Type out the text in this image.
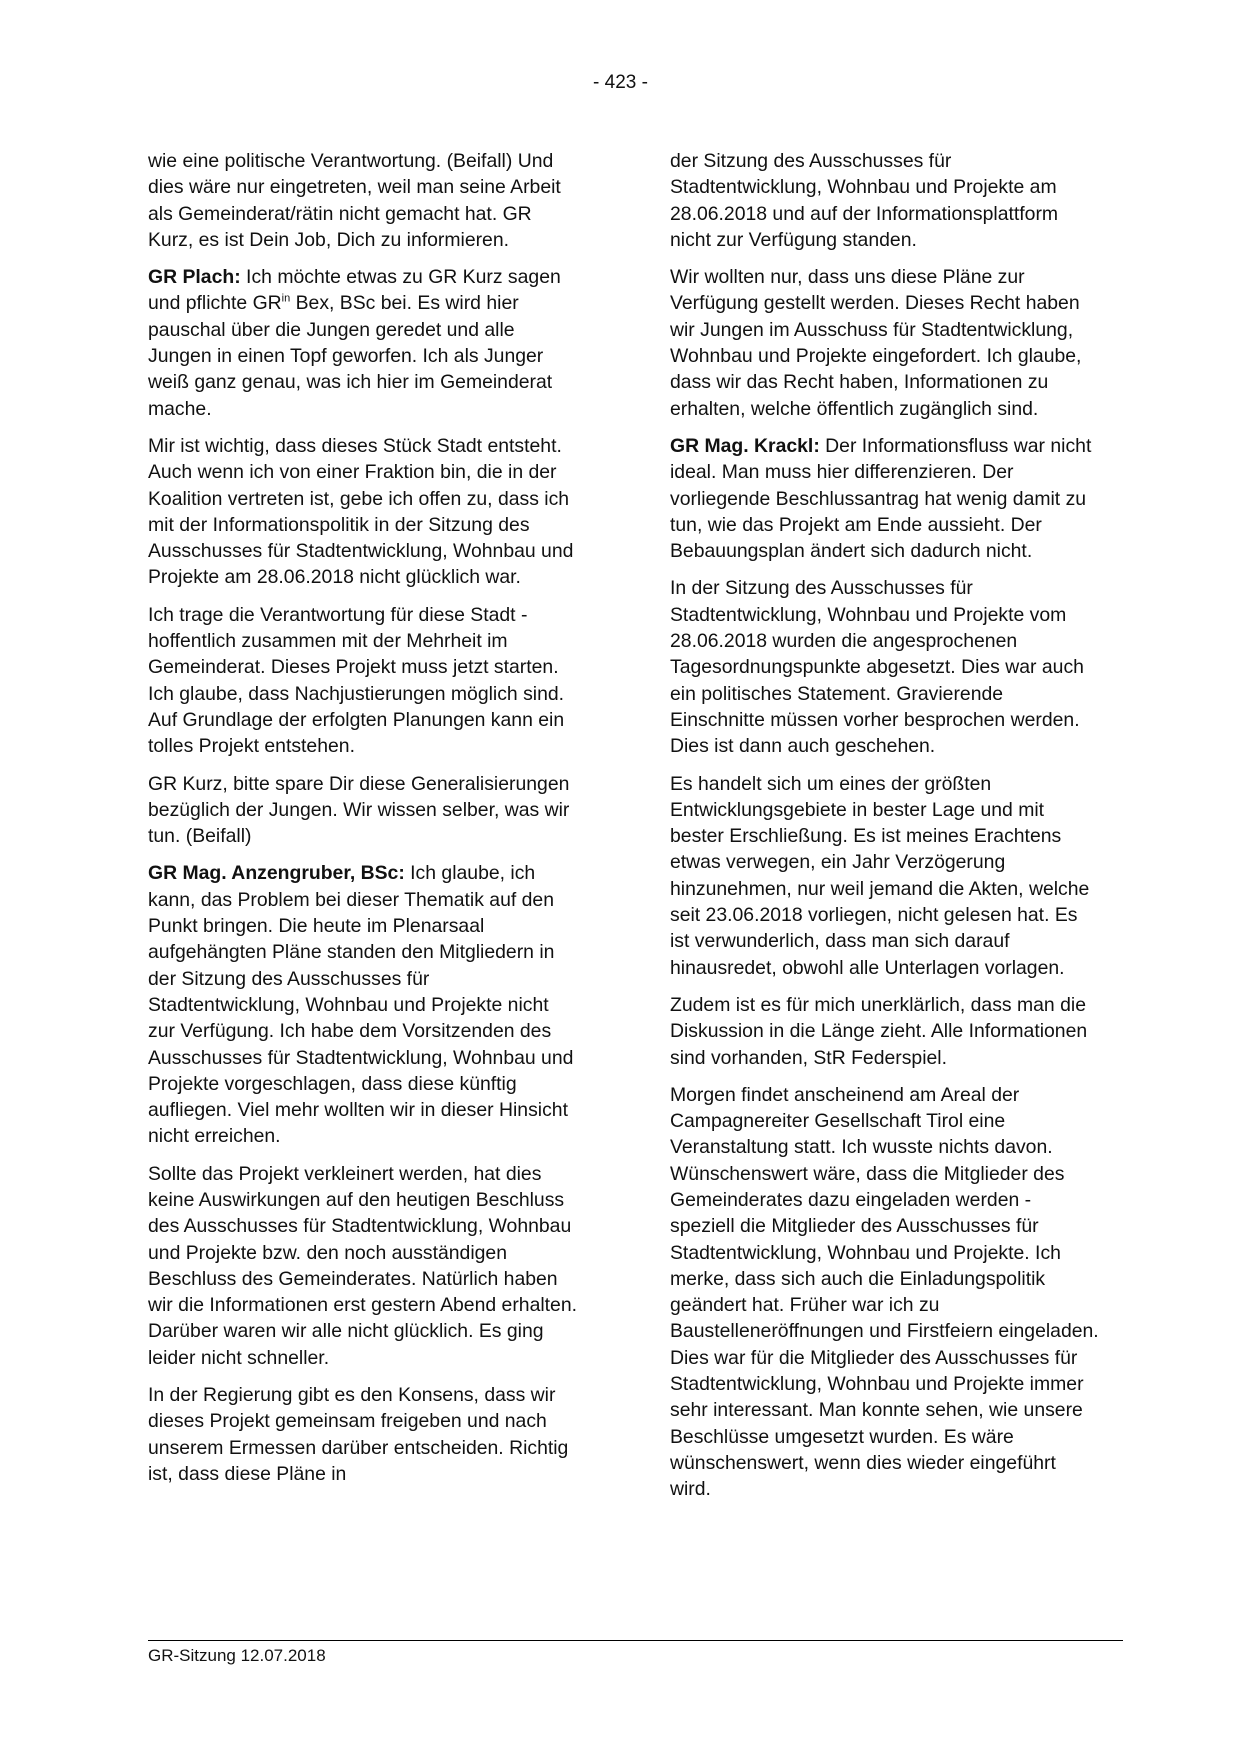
- 423 -

wie eine politische Verantwortung. (Beifall) Und dies wäre nur eingetreten, weil man seine Arbeit als Gemeinderat/rätin nicht gemacht hat. GR Kurz, es ist Dein Job, Dich zu informieren.

GR Plach: Ich möchte etwas zu GR Kurz sagen und pflichte $GR^{in}$ Bex, BSc bei. Es wird hier pauschal über die Jungen geredet und alle Jungen in einen Topf geworfen. Ich als Junger weiß ganz genau, was ich hier im Gemeinderat mache.

Mir ist wichtig, dass dieses Stück Stadt entsteht. Auch wenn ich von einer Fraktion bin, die in der Koalition vertreten ist, gebe ich offen zu, dass ich mit der Informationspolitik in der Sitzung des Ausschusses für Stadtentwicklung, Wohnbau und Projekte am 28.06.2018 nicht glücklich war.

Ich trage die Verantwortung für diese Stadt - hoffentlich zusammen mit der Mehrheit im Gemeinderat. Dieses Projekt muss jetzt starten. Ich glaube, dass Nachjustierungen möglich sind. Auf Grundlage der erfolgten Planungen kann ein tolles Projekt entstehen.

GR Kurz, bitte spare Dir diese Generalisierungen bezüglich der Jungen. Wir wissen selber, was wir tun. (Beifall)

GR Mag. Anzengruber, BSc: Ich glaube, ich kann, das Problem bei dieser Thematik auf den Punkt bringen. Die heute im Plenarsaal aufgehängten Pläne standen den Mitgliedern in der Sitzung des Ausschusses für Stadtentwicklung, Wohnbau und Projekte nicht zur Verfügung. Ich habe dem Vorsitzenden des Ausschusses für Stadtentwicklung, Wohnbau und Projekte vorgeschlagen, dass diese künftig aufliegen. Viel mehr wollten wir in dieser Hinsicht nicht erreichen.

Sollte das Projekt verkleinert werden, hat dies keine Auswirkungen auf den heutigen Beschluss des Ausschusses für Stadtentwicklung, Wohnbau und Projekte bzw. den noch ausständigen Beschluss des Gemeinderates. Natürlich haben wir die Informationen erst gestern Abend erhalten. Darüber waren wir alle nicht glücklich. Es ging leider nicht schneller.

In der Regierung gibt es den Konsens, dass wir dieses Projekt gemeinsam freigeben und nach unserem Ermessen darüber entscheiden. Richtig ist, dass diese Pläne in

der Sitzung des Ausschusses für Stadtentwicklung, Wohnbau und Projekte am 28.06.2018 und auf der Informationsplattform nicht zur Verfügung standen.

Wir wollten nur, dass uns diese Pläne zur Verfügung gestellt werden. Dieses Recht haben wir Jungen im Ausschuss für Stadtentwicklung, Wohnbau und Projekte eingefordert. Ich glaube, dass wir das Recht haben, Informationen zu erhalten, welche öffentlich zugänglich sind.

GR Mag. Krackl: Der Informationsfluss war nicht ideal. Man muss hier differenzieren. Der vorliegende Beschlussantrag hat wenig damit zu tun, wie das Projekt am Ende aussieht. Der Bebauungsplan ändert sich dadurch nicht.

In der Sitzung des Ausschusses für Stadtentwicklung, Wohnbau und Projekte vom 28.06.2018 wurden die angesprochenen Tagesordnungspunkte abgesetzt. Dies war auch ein politisches Statement. Gravierende Einschnitte müssen vorher besprochen werden. Dies ist dann auch geschehen.

Es handelt sich um eines der größten Entwicklungsgebiete in bester Lage und mit bester Erschließung. Es ist meines Erachtens etwas verwegen, ein Jahr Verzögerung hinzunehmen, nur weil jemand die Akten, welche seit 23.06.2018 vorliegen, nicht gelesen hat. Es ist verwunderlich, dass man sich darauf hinausredet, obwohl alle Unterlagen vorlagen.

Zudem ist es für mich unerklärlich, dass man die Diskussion in die Länge zieht. Alle Informationen sind vorhanden, StR Federspiel.

Morgen findet anscheinend am Areal der Campagnereiter Gesellschaft Tirol eine Veranstaltung statt. Ich wusste nichts davon. Wünschenswert wäre, dass die Mitglieder des Gemeinderates dazu eingeladen werden - speziell die Mitglieder des Ausschusses für Stadtentwicklung, Wohnbau und Projekte. Ich merke, dass sich auch die Einladungspolitik geändert hat. Früher war ich zu Baustelleneröffnungen und Firstfeiern eingeladen. Dies war für die Mitglieder des Ausschusses für Stadtentwicklung, Wohnbau und Projekte immer sehr interessant. Man konnte sehen, wie unsere Beschlüsse umgesetzt wurden. Es wäre wünschenswert, wenn dies wieder eingeführt wird.

GR-Sitzung 12.07.2018
